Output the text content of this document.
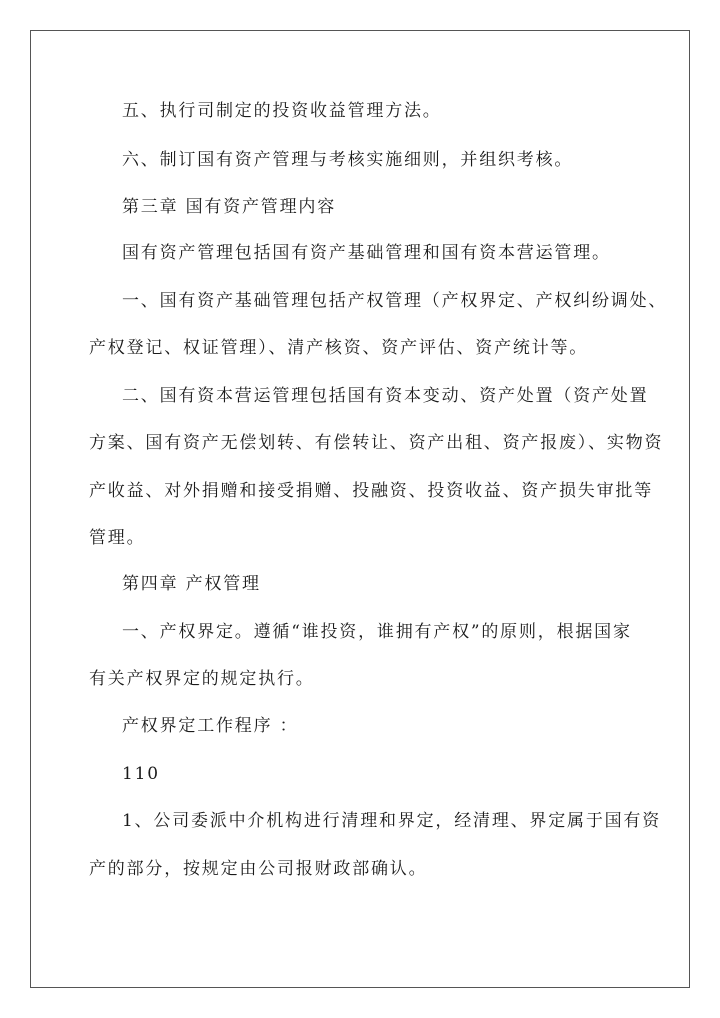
五、执行司制定的投资收益管理方法。
六、制订国有资产管理与考核实施细则，并组织考核。
第三章 国有资产管理内容
国有资产管理包括国有资产基础管理和国有资本营运管理。
一、国有资产基础管理包括产权管理（产权界定、产权纠纷调处、
产权登记、权证管理）、清产核资、资产评估、资产统计等。
二、国有资本营运管理包括国有资本变动、资产处置（资产处置
方案、国有资产无偿划转、有偿转让、资产出租、资产报废）、实物资
产收益、对外捐赠和接受捐赠、投融资、投资收益、资产损失审批等
管理。
第四章 产权管理
一、产权界定。遵循“谁投资，谁拥有产权”的原则，根据国家
有关产权界定的规定执行。
产权界定工作程序 ：
110
1、公司委派中介机构进行清理和界定，经清理、界定属于国有资
产的部分，按规定由公司报财政部确认。
